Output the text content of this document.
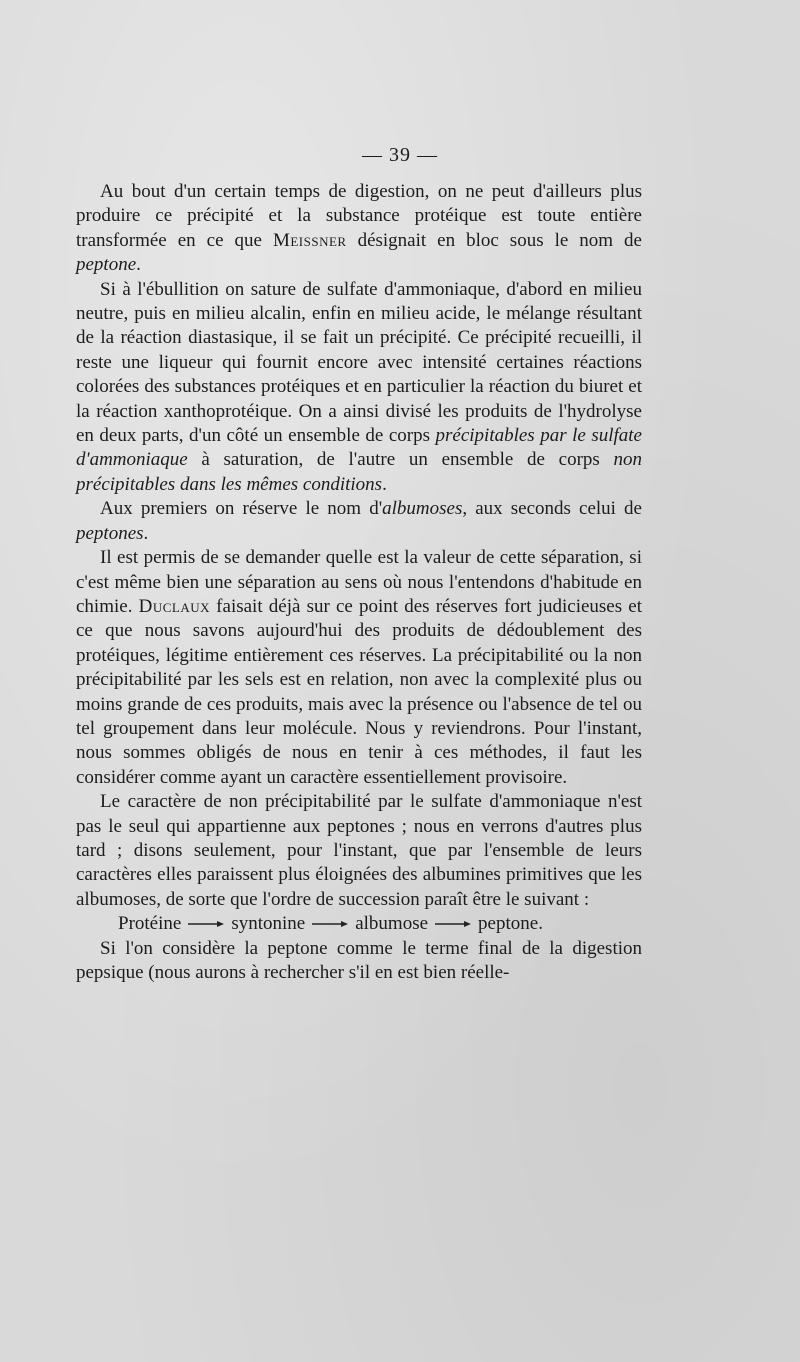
— 39 —

Au bout d'un certain temps de digestion, on ne peut d'ailleurs plus produire ce précipité et la substance protéique est toute entière transformée en ce que Meissner désignait en bloc sous le nom de peptone.

Si à l'ébullition on sature de sulfate d'ammoniaque, d'abord en milieu neutre, puis en milieu alcalin, enfin en milieu acide, le mélange résultant de la réaction diastasique, il se fait un précipité. Ce précipité recueilli, il reste une liqueur qui fournit encore avec intensité certaines réactions colorées des substances protéiques et en particulier la réaction du biuret et la réaction xanthoprotéique. On a ainsi divisé les produits de l'hydrolyse en deux parts, d'un côté un ensemble de corps précipitables par le sulfate d'ammoniaque à saturation, de l'autre un ensemble de corps non précipitables dans les mêmes conditions.

Aux premiers on réserve le nom d'albumoses, aux seconds celui de peptones.

Il est permis de se demander quelle est la valeur de cette séparation, si c'est même bien une séparation au sens où nous l'entendons d'habitude en chimie. Duclaux faisait déjà sur ce point des réserves fort judicieuses et ce que nous savons aujourd'hui des produits de dédoublement des protéiques, légitime entièrement ces réserves. La précipitabilité ou la non précipitabilité par les sels est en relation, non avec la complexité plus ou moins grande de ces produits, mais avec la présence ou l'absence de tel ou tel groupement dans leur molécule. Nous y reviendrons. Pour l'instant, nous sommes obligés de nous en tenir à ces méthodes, il faut les considérer comme ayant un caractère essentiellement provisoire.

Le caractère de non précipitabilité par le sulfate d'ammoniaque n'est pas le seul qui appartienne aux peptones ; nous en verrons d'autres plus tard ; disons seulement, pour l'instant, que par l'ensemble de leurs caractères elles paraissent plus éloignées des albumines primitives que les albumoses, de sorte que l'ordre de succession paraît être le suivant :

Protéine	syntonine	albumose	peptone.

Si l'on considère la peptone comme le terme final de la digestion pepsique (nous aurons à rechercher s'il en est bien réelle-
